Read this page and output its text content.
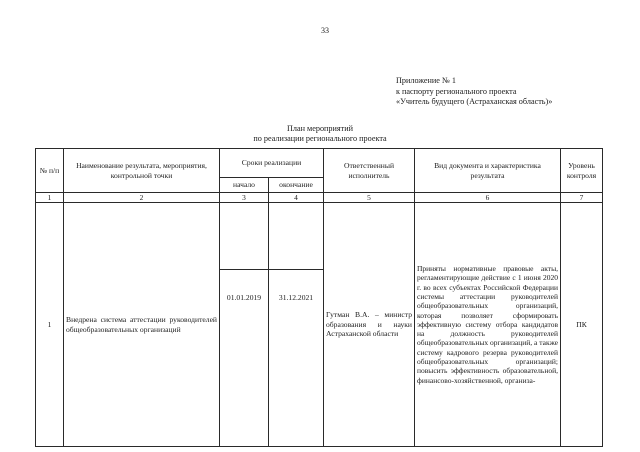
33
Приложение № 1
к паспорту регионального проекта
«Учитель будущего (Астраханская область)»
План мероприятий
по реализации регионального проекта
№ п/п	Наименование результата, мероприятия, контрольной точки	Сроки реализации		Ответственный исполнитель	Вид документа и характеристика результата	Уровень контроля
		начало	окончание			
1	2	3	4	5	6	7
1	Внедрена система аттестации руководителей общеобразовательных организаций	01.01.2019	31.12.2021	Гутман В.А. – министр образования и науки Астраханской области	Приняты нормативные правовые акты, регламентирующие действие с 1 июня 2020 г. во всех субъектах Российской Федерации системы аттестации руководителей общеобразовательных организаций, которая позволяет сформировать эффективную систему отбора кандидатов на должность руководителей общеобразовательных организаций, а также систему кадрового резерва руководителей общеобразовательных организаций; повысить эффективность образовательной, финансово-хозяйственной, организа-	ПК
